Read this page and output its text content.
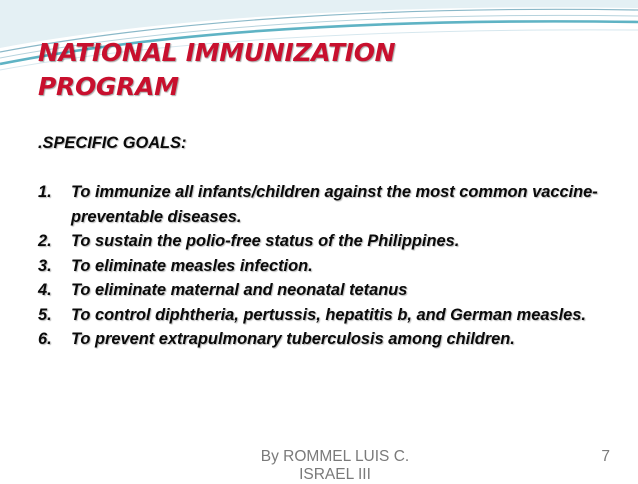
NATIONAL IMMUNIZATION
PROGRAM
.SPECIFIC GOALS:
1.	To immunize all infants/children against the most common vaccine-preventable diseases.
2.	To sustain the polio-free status of the Philippines.
3.	To eliminate measles infection.
4.	To eliminate maternal and neonatal tetanus
5.	To control diphtheria, pertussis, hepatitis b, and German measles.
6.	To prevent extrapulmonary tuberculosis among children.
By ROMMEL LUIS C. ISRAEL III
7
